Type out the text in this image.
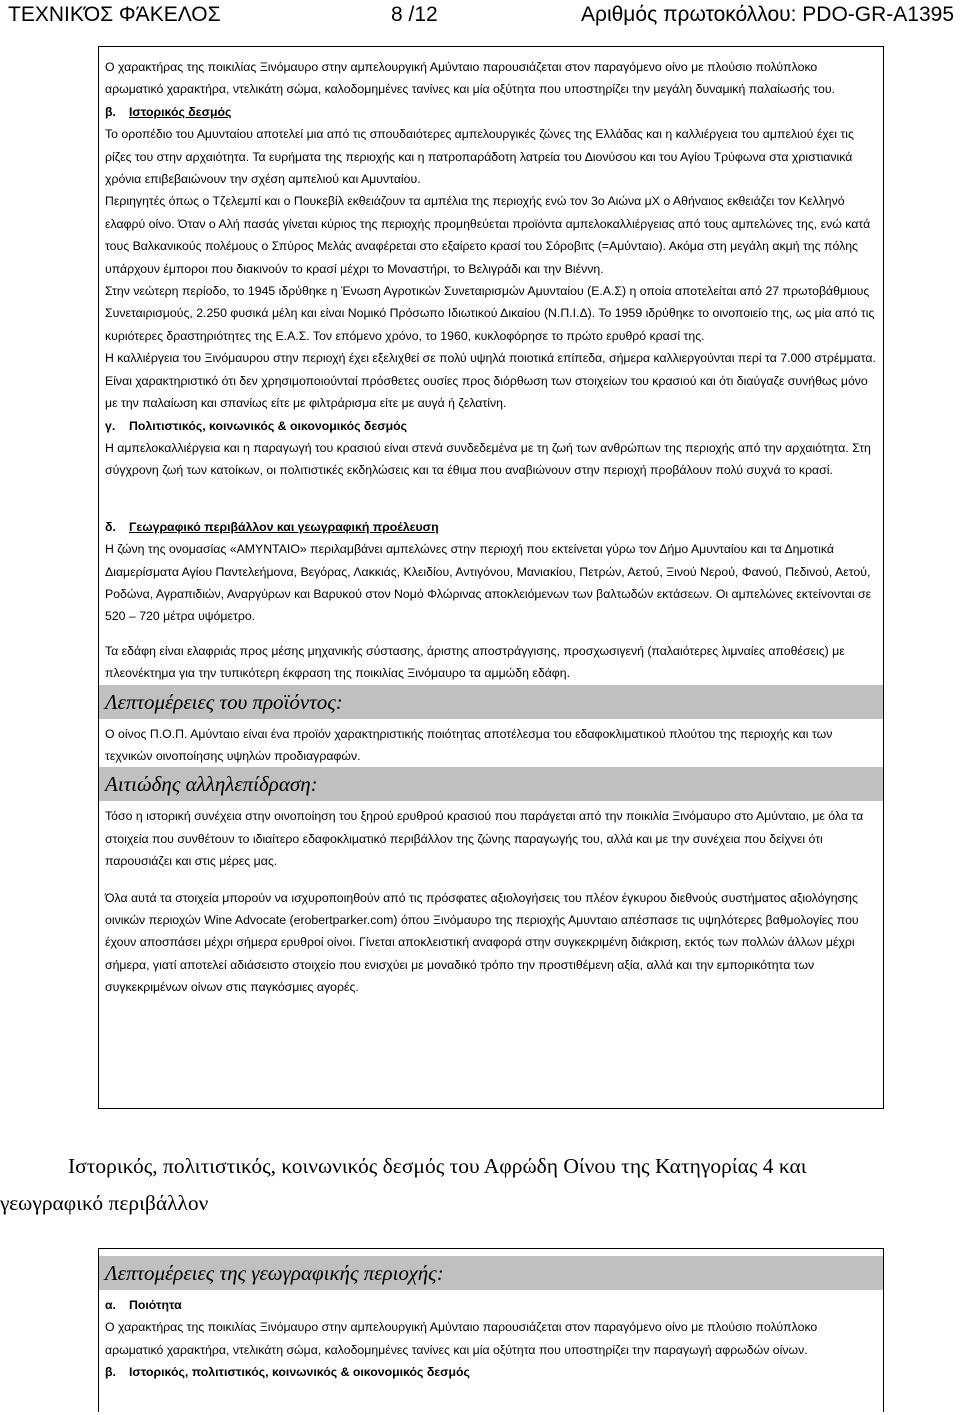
ΤΕΧΝΙΚΌΣ ΦΆΚΕΛΟΣ	8 /12	Αριθμός πρωτοκόλλου: PDO-GR-A1395

Ο χαρακτήρας της ποικιλίας Ξινόμαυρο στην αμπελουργική Αμύνταιο παρουσιάζεται στον παραγόμενο οίνο με πλούσιο πολύπλοκο αρωματικό χαρακτήρα, ντελικάτη σώμα, καλοδομημένες τανίνες και μία οξύτητα που υποστηρίζει την μεγάλη δυναμική παλαίωσής του.

β. Ιστορικός δεσμός

Το οροπέδιο του Αμυνταίου αποτελεί μια από τις σπουδαιότερες αμπελουργικές ζώνες της Ελλάδας και η καλλιέργεια του αμπελιού έχει τις ρίζες του στην αρχαιότητα. Τα ευρήματα της περιοχής και η πατροπαράδοτη λατρεία του Διονύσου και του Αγίου Τρύφωνα στα χριστιανικά χρόνια επιβεβαιώνουν την σχέση αμπελιού και Αμυνταίου.

Περιηγητές όπως ο Τζελεμπί και ο Πουκεβίλ εκθειάζουν τα αμπέλια της περιοχής ενώ τον 3ο Αιώνα μΧ ο Αθήναιος εκθειάζει τον Κελληνό ελαφρύ οίνο. Όταν ο Αλή πασάς γίνεται κύριος της περιοχής προμηθεύεται προϊόντα αμπελοκαλλιέργειας από τους αμπελώνες της, ενώ κατά τους Βαλκανικούς πολέμους ο Σπύρος Μελάς αναφέρεται στο εξαίρετο κρασί του Σόροβιτς (=Αμύνταιο). Ακόμα στη μεγάλη ακμή της πόλης υπάρχουν έμποροι που διακινούν το κρασί μέχρι το Μοναστήρι, το Βελιγράδι και την Βιέννη.

Στην νεώτερη περίοδο, το 1945 ιδρύθηκε η Ένωση Αγροτικών Συνεταιρισμών Αμυνταίου (Ε.Α.Σ) η οποία αποτελείται από 27 πρωτοβάθμιους Συνεταιρισμούς, 2.250 φυσικά μέλη και είναι Νομικό Πρόσωπο Ιδιωτικού Δικαίου (Ν.Π.Ι.Δ). Το 1959 ιδρύθηκε το οινοποιείο της, ως μία από τις κυριότερες δραστηριότητες της Ε.Α.Σ. Τον επόμενο χρόνο, το 1960, κυκλοφόρησε το πρώτο ερυθρό κρασί της.

Η καλλιέργεια του Ξινόμαυρου στην περιοχή έχει εξελιχθεί σε πολύ υψηλά ποιοτικά επίπεδα, σήμερα καλλιεργούνται περί τα 7.000 στρέμματα.

Είναι χαρακτηριστικό ότι δεν χρησιμοποιούνταί πρόσθετες ουσίες προς διόρθωση των στοιχείων του κρασιού και ότι διαύγαζε συνήθως μόνο με την παλαίωση και σπανίως είτε με φιλτράρισμα είτε με αυγά ή ζελατίνη.

γ. Πολιτιστικός, κοινωνικός & οικονομικός δεσμός

Η αμπελοκαλλιέργεια και η παραγωγή του κρασιού είναι στενά συνδεδεμένα με τη ζωή των ανθρώπων της περιοχής από την αρχαιότητα. Στη σύγχρονη ζωή των κατοίκων, οι πολιτιστικές εκδηλώσεις και τα έθιμα που αναβιώνουν στην περιοχή προβάλουν πολύ συχνά το κρασί.

δ. Γεωγραφικό περιβάλλον και γεωγραφική προέλευση

Η ζώνη της ονομασίας «ΑΜΥΝΤΑΙΟ» περιλαμβάνει αμπελώνες στην περιοχή που εκτείνεται γύρω τον Δήμο Αμυνταίου και τα Δημοτικά Διαμερίσματα Αγίου Παντελεήμονα, Βεγόρας, Λακκιάς, Κλειδίου, Αντιγόνου, Μανιακίου, Πετρών, Αετού, Ξινού Νερού, Φανού, Πεδινού, Αετού, Ροδώνα, Αγραπιδιών, Αναργύρων και Βαρυκού στον Νομό Φλώρινας αποκλειόμενων των βαλτωδών εκτάσεων. Οι αμπελώνες εκτείνονται σε 520 – 720 μέτρα υψόμετρο.

Τα εδάφη είναι ελαφριάς προς μέσης μηχανικής σύστασης, άριστης αποστράγγισης, προσχωσιγενή (παλαιότερες λιμναίες αποθέσεις) με πλεονέκτημα για την τυπικότερη έκφραση της ποικιλίας Ξινόμαυρο τα αμμώδη εδάφη.

Λεπτομέρειες του προϊόντος:

Ο οίνος Π.Ο.Π. Αμύνταιο είναι ένα προϊόν χαρακτηριστικής ποιότητας αποτέλεσμα του εδαφοκλιματικού πλούτου της περιοχής και των τεχνικών οινοποίησης υψηλών προδιαγραφών.

Αιτιώδης αλληλεπίδραση:

Τόσο η ιστορική συνέχεια στην οινοποίηση του ξηρού ερυθρού κρασιού που παράγεται από την ποικιλία Ξινόμαυρο στο Αμύνταιο, με όλα τα στοιχεία που συνθέτουν το ιδιαίτερο εδαφοκλιματικό περιβάλλον της ζώνης παραγωγής του, αλλά και με την συνέχεια που δείχνει ότι παρουσιάζει και στις μέρες μας.

Όλα αυτά τα στοιχεία μπορούν να ισχυροποιηθούν από τις πρόσφατες αξιολογήσεις του πλέον έγκυρου διεθνούς συστήματος αξιολόγησης οινικών περιοχών Wine Advocate (erobertparker.com) όπου Ξινόμαυρο της περιοχής Αμυνταιο απέσπασε τις υψηλότερες βαθμολογίες που έχουν αποσπάσει μέχρι σήμερα ερυθροί οίνοι. Γίνεται αποκλειστική αναφορά στην συγκεκριμένη διάκριση, εκτός των πολλών άλλων μέχρι σήμερα, γιατί αποτελεί αδιάσειστο στοιχείο που ενισχύει με μοναδικό τρόπο την προστιθέμενη αξία, αλλά και την εμπορικότητα των συγκεκριμένων οίνων στις παγκόσμιες αγορές.

Ιστορικός, πολιτιστικός, κοινωνικός δεσμός του Αφρώδη Οίνου της Κατηγορίας 4 και
γεωγραφικό περιβάλλον
Λεπτομέρειες της γεωγραφικής περιοχής:

α. Ποιότητα

Ο χαρακτήρας της ποικιλίας Ξινόμαυρο στην αμπελουργική Αμύνταιο παρουσιάζεται στον παραγόμενο οίνο με πλούσιο πολύπλοκο αρωματικό χαρακτήρα, ντελικάτη σώμα, καλοδομημένες τανίνες και μία οξύτητα που υποστηρίζει την παραγωγή αφρωδών οίνων.

β. Ιστορικός, πολιτιστικός, κοινωνικός & οικονομικός δεσμός
